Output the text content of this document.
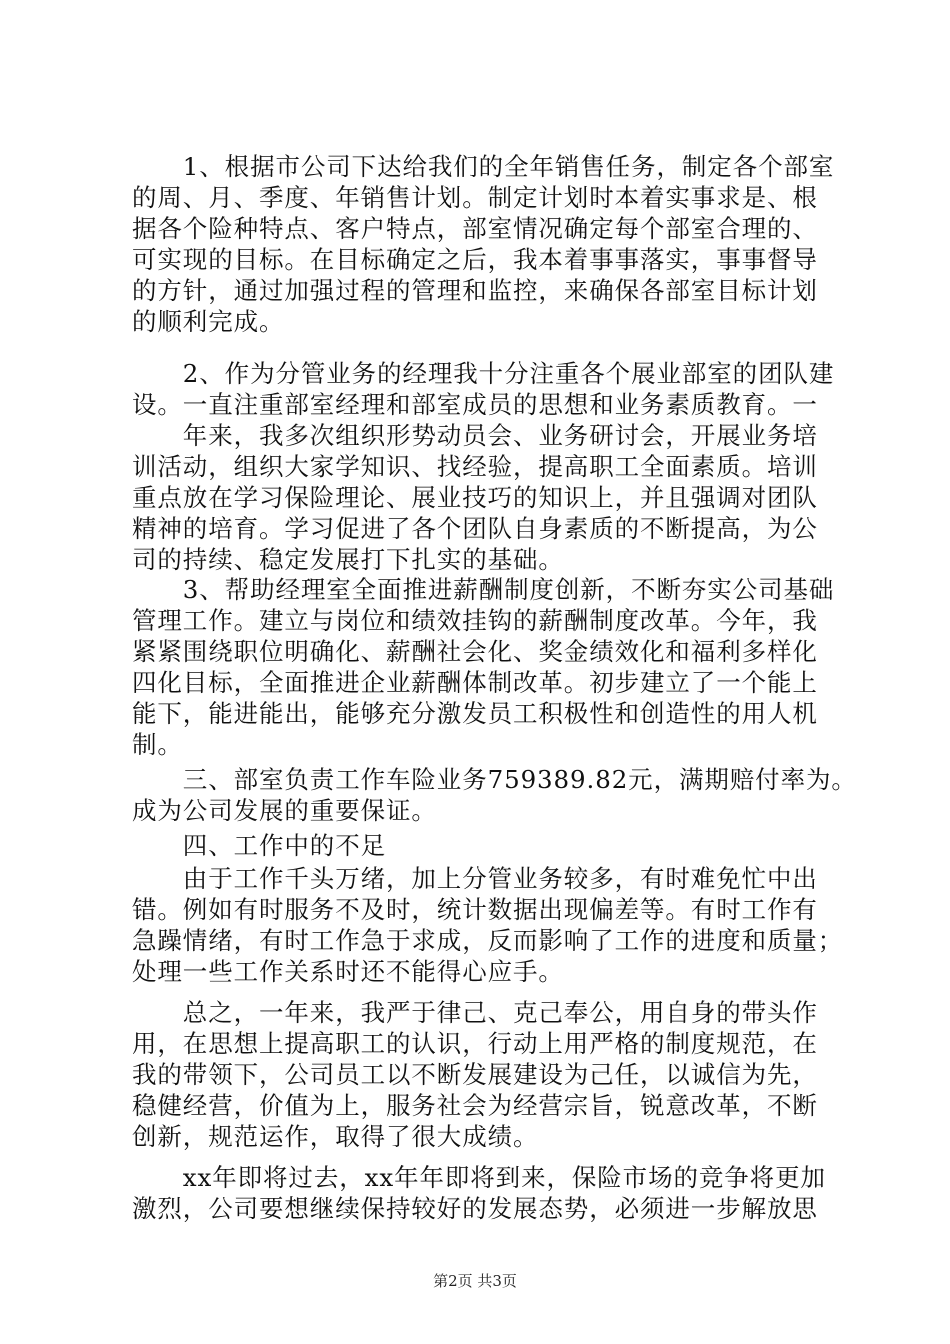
　　1、根据市公司下达给我们的全年销售任务，制定各个部室
的周、月、季度、年销售计划。制定计划时本着实事求是、根
据各个险种特点、客户特点，部室情况确定每个部室合理的、
可实现的目标。在目标确定之后，我本着事事落实，事事督导
的方针，通过加强过程的管理和监控，来确保各部室目标计划
的顺利完成。
　　2、作为分管业务的经理我十分注重各个展业部室的团队建
设。一直注重部室经理和部室成员的思想和业务素质教育。一
　　年来，我多次组织形势动员会、业务研讨会，开展业务培
训活动，组织大家学知识、找经验，提高职工全面素质。培训
重点放在学习保险理论、展业技巧的知识上，并且强调对团队
精神的培育。学习促进了各个团队自身素质的不断提高，为公
司的持续、稳定发展打下扎实的基础。
　　3、帮助经理室全面推进薪酬制度创新，不断夯实公司基础
管理工作。建立与岗位和绩效挂钩的薪酬制度改革。今年，我
紧紧围绕职位明确化、薪酬社会化、奖金绩效化和福利多样化
四化目标，全面推进企业薪酬体制改革。初步建立了一个能上
能下，能进能出，能够充分激发员工积极性和创造性的用人机
制。
　　三、部室负责工作车险业务759389.82元，满期赔付率为。
成为公司发展的重要保证。
　　四、工作中的不足
　　由于工作千头万绪，加上分管业务较多，有时难免忙中出
错。例如有时服务不及时，统计数据出现偏差等。有时工作有
急躁情绪，有时工作急于求成，反而影响了工作的进度和质量；
处理一些工作关系时还不能得心应手。
　　总之，一年来，我严于律己、克己奉公，用自身的带头作
用，在思想上提高职工的认识，行动上用严格的制度规范，在
我的带领下，公司员工以不断发展建设为己任，以诚信为先，
稳健经营，价值为上，服务社会为经营宗旨，锐意改革，不断
创新，规范运作，取得了很大成绩。
　　xx年即将过去，xx年年即将到来，保险市场的竞争将更加
激烈，公司要想继续保持较好的发展态势，必须进一步解放思
第2页 共3页
